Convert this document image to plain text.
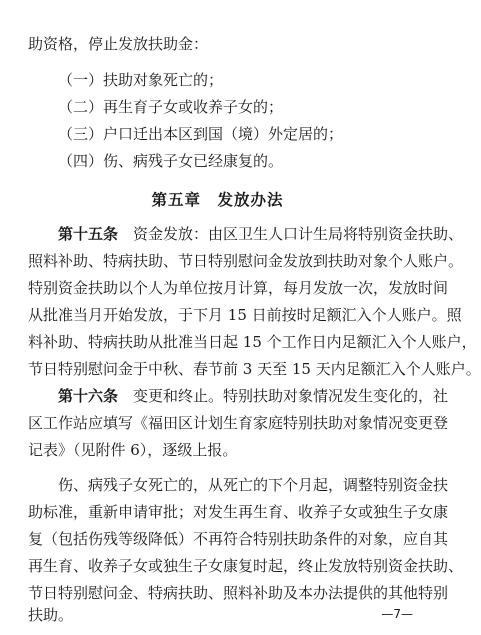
助资格，停止发放扶助金：
（一）扶助对象死亡的；
（二）再生育子女或收养子女的；
（三）户口迁出本区到国（境）外定居的；
（四）伤、病残子女已经康复的。
第五章　发放办法
第十五条　资金发放：由区卫生人口计生局将特别资金扶助、
照料补助、特病扶助、节日特别慰问金发放到扶助对象个人账户。
特别资金扶助以个人为单位按月计算，每月发放一次，发放时间
从批准当月开始发放，于下月 15 日前按时足额汇入个人账户。照
料补助、特病扶助从批准当日起 15 个工作日内足额汇入个人账户，
节日特别慰问金于中秋、春节前 3 天至 15 天内足额汇入个人账户。
第十六条　变更和终止。特别扶助对象情况发生变化的，社
区工作站应填写《福田区计划生育家庭特别扶助对象情况变更登
记表》（见附件 6），逐级上报。
伤、病残子女死亡的，从死亡的下个月起，调整特别资金扶
助标准，重新申请审批；对发生再生育、收养子女或独生子女康
复（包括伤残等级降低）不再符合特别扶助条件的对象，应自其
再生育、收养子女或独生子女康复时起，终止发放特别资金扶助、
节日特别慰问金、特病扶助、照料补助及本办法提供的其他特别
扶助。	—7—
